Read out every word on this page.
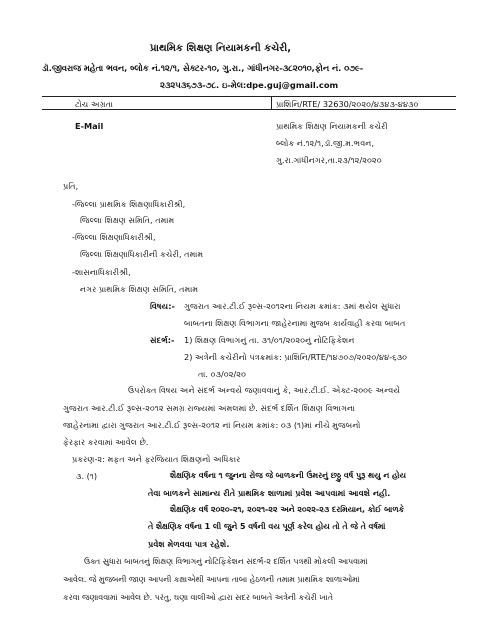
પ્રાથમિક શિક્ષણ નિયામકની કચેરી,
ડૉ.જીવરાજ મહેતા ભવન, બ્લોક નં.૧૨/૧, સેક્ટર-૧૦, ગુ.રા., ગાંધીનગર-૩૮૨૦૧૦,ફોન નં. ૦૭૯-
૨૩૨૫૩૬૭૩-૭૮. ઇ-મેલ:dpe.guj@gmail.com
ટોચ અગ્રતા	પ્રાશિનિ/RTE/ 32630/૨૦૨૦/૪૩૪૩-૪૪૩૦
E-Mail	પ્રાથમિક શિક્ષણ નિયામકની કચેરી
બ્લોક નં.૧૨/૧,ડૉ.જી.મ.ભવન,
ગુ.રા.ગાંધીનગર,તા.૨૩/૧૨/૨૦૨૦
પ્રતિ,
-જિલ્લા પ્રાથમિક શિક્ષણાધિકારીશ્રી,
જિલ્લા શિક્ષણ સમિતિ, તમામ
-જિલ્લા શિક્ષણાધિકારીશ્રી,
જિલ્લા શિક્ષણાધિકારીની કચેરી, તમામ
-શાસનાધિકારીશ્રી,
નગર પ્રાથમિક શિક્ષણ સમિતિ, તમામ
વિષય:- ગુજરાત આર.ટી.ઈ રૂલ્સ-૨૦૧૨ના નિયમ ક્રમાંક: ૩માં થયેલ સુધારા
બાબતના શિક્ષણ વિભાગના જાહેરનામા મુજબ કાર્યવાહી કરવા બાબત
સંદર્ભ:- 1) શિક્ષણ વિભાગનું તા. ૩૧/૦૧/૨૦૨૦નું નોટિફિકેશન
2) અત્રેની કચેરીનો પત્રક્રમાંક: પ્રાશિનિ/RTE/૧૪૭૦૭/૨૦૨૦/૪૪-૬૩૦
તા. ૦૩/૦૨/૨૦
ઉપરોક્ત વિષય અને સંદર્ભ અન્વયે જણાવવાનું કે, આર.ટી.ઈ. એક્ટ-૨૦૦૯ અન્વયે
ગુજરાત આર.ટી.ઈ રૂલ્સ-૨૦૧૨ સમગ્ર રાજ્યમાં અમલમાં છે. સંદર્ભ દર્શિત શિક્ષણ વિભાગના
જાહેરનામા દ્વારા ગુજરાત આર.ટી.ઈ રૂલ્સ-૨૦૧૨ નાં નિયમ ક્રમાંક: ૦૩ (૧)માં નીચે મુજબનો
ફેરફાર કરવામાં આવેલ છે.
પ્રકરણ-૨: મફત અને ફરજિયાત શિક્ષણનો અધિકાર
૩. (૧)	શૈક્ષણિક વર્ષના ૧ જુનના રોજ જે બાળકની ઉંમરનું છઠ્ઠુ વર્ષ પુરૂ થયુ ન હોય
તેવા બાળકને સામાન્ય રીતે પ્રાથમિક શાળામાં પ્રવેશ આપવામાં આવશે નહી.
શૈક્ષણિક વર્ષ ૨૦૨૦-૨૧, ૨૦૨૧-૨૨ અને ૨૦૨૨-૨૩ દરમિયાન, કોઈ બાળકે
તે શૈક્ષણિક વર્ષના 1 લી જુને 5 વર્ષની વય પૂર્ણ કરેલ હોય તો તે જે તે વર્ષમાં
પ્રવેશ મેળવવા પાત્ર રહેશે.
ઉક્ત સુધારા બાબતનું શિક્ષણ વિભાગનું નોટિફિકેશન સંદર્ભ-૨ દર્શિત પત્રથી મોકલી આપવામાં
આવેલ. જે મુજબની જાણ આપની કક્ષાએથી આપના તાબા હેઠળની તમામ પ્રાથમિક શાળાઓમાં
કરવા જણાવવામાં આવેલ છે. પરંતુ, ઘણા વાલીઓ દ્વારા સદર બાબતે અત્રેની કચેરી ખાતે
